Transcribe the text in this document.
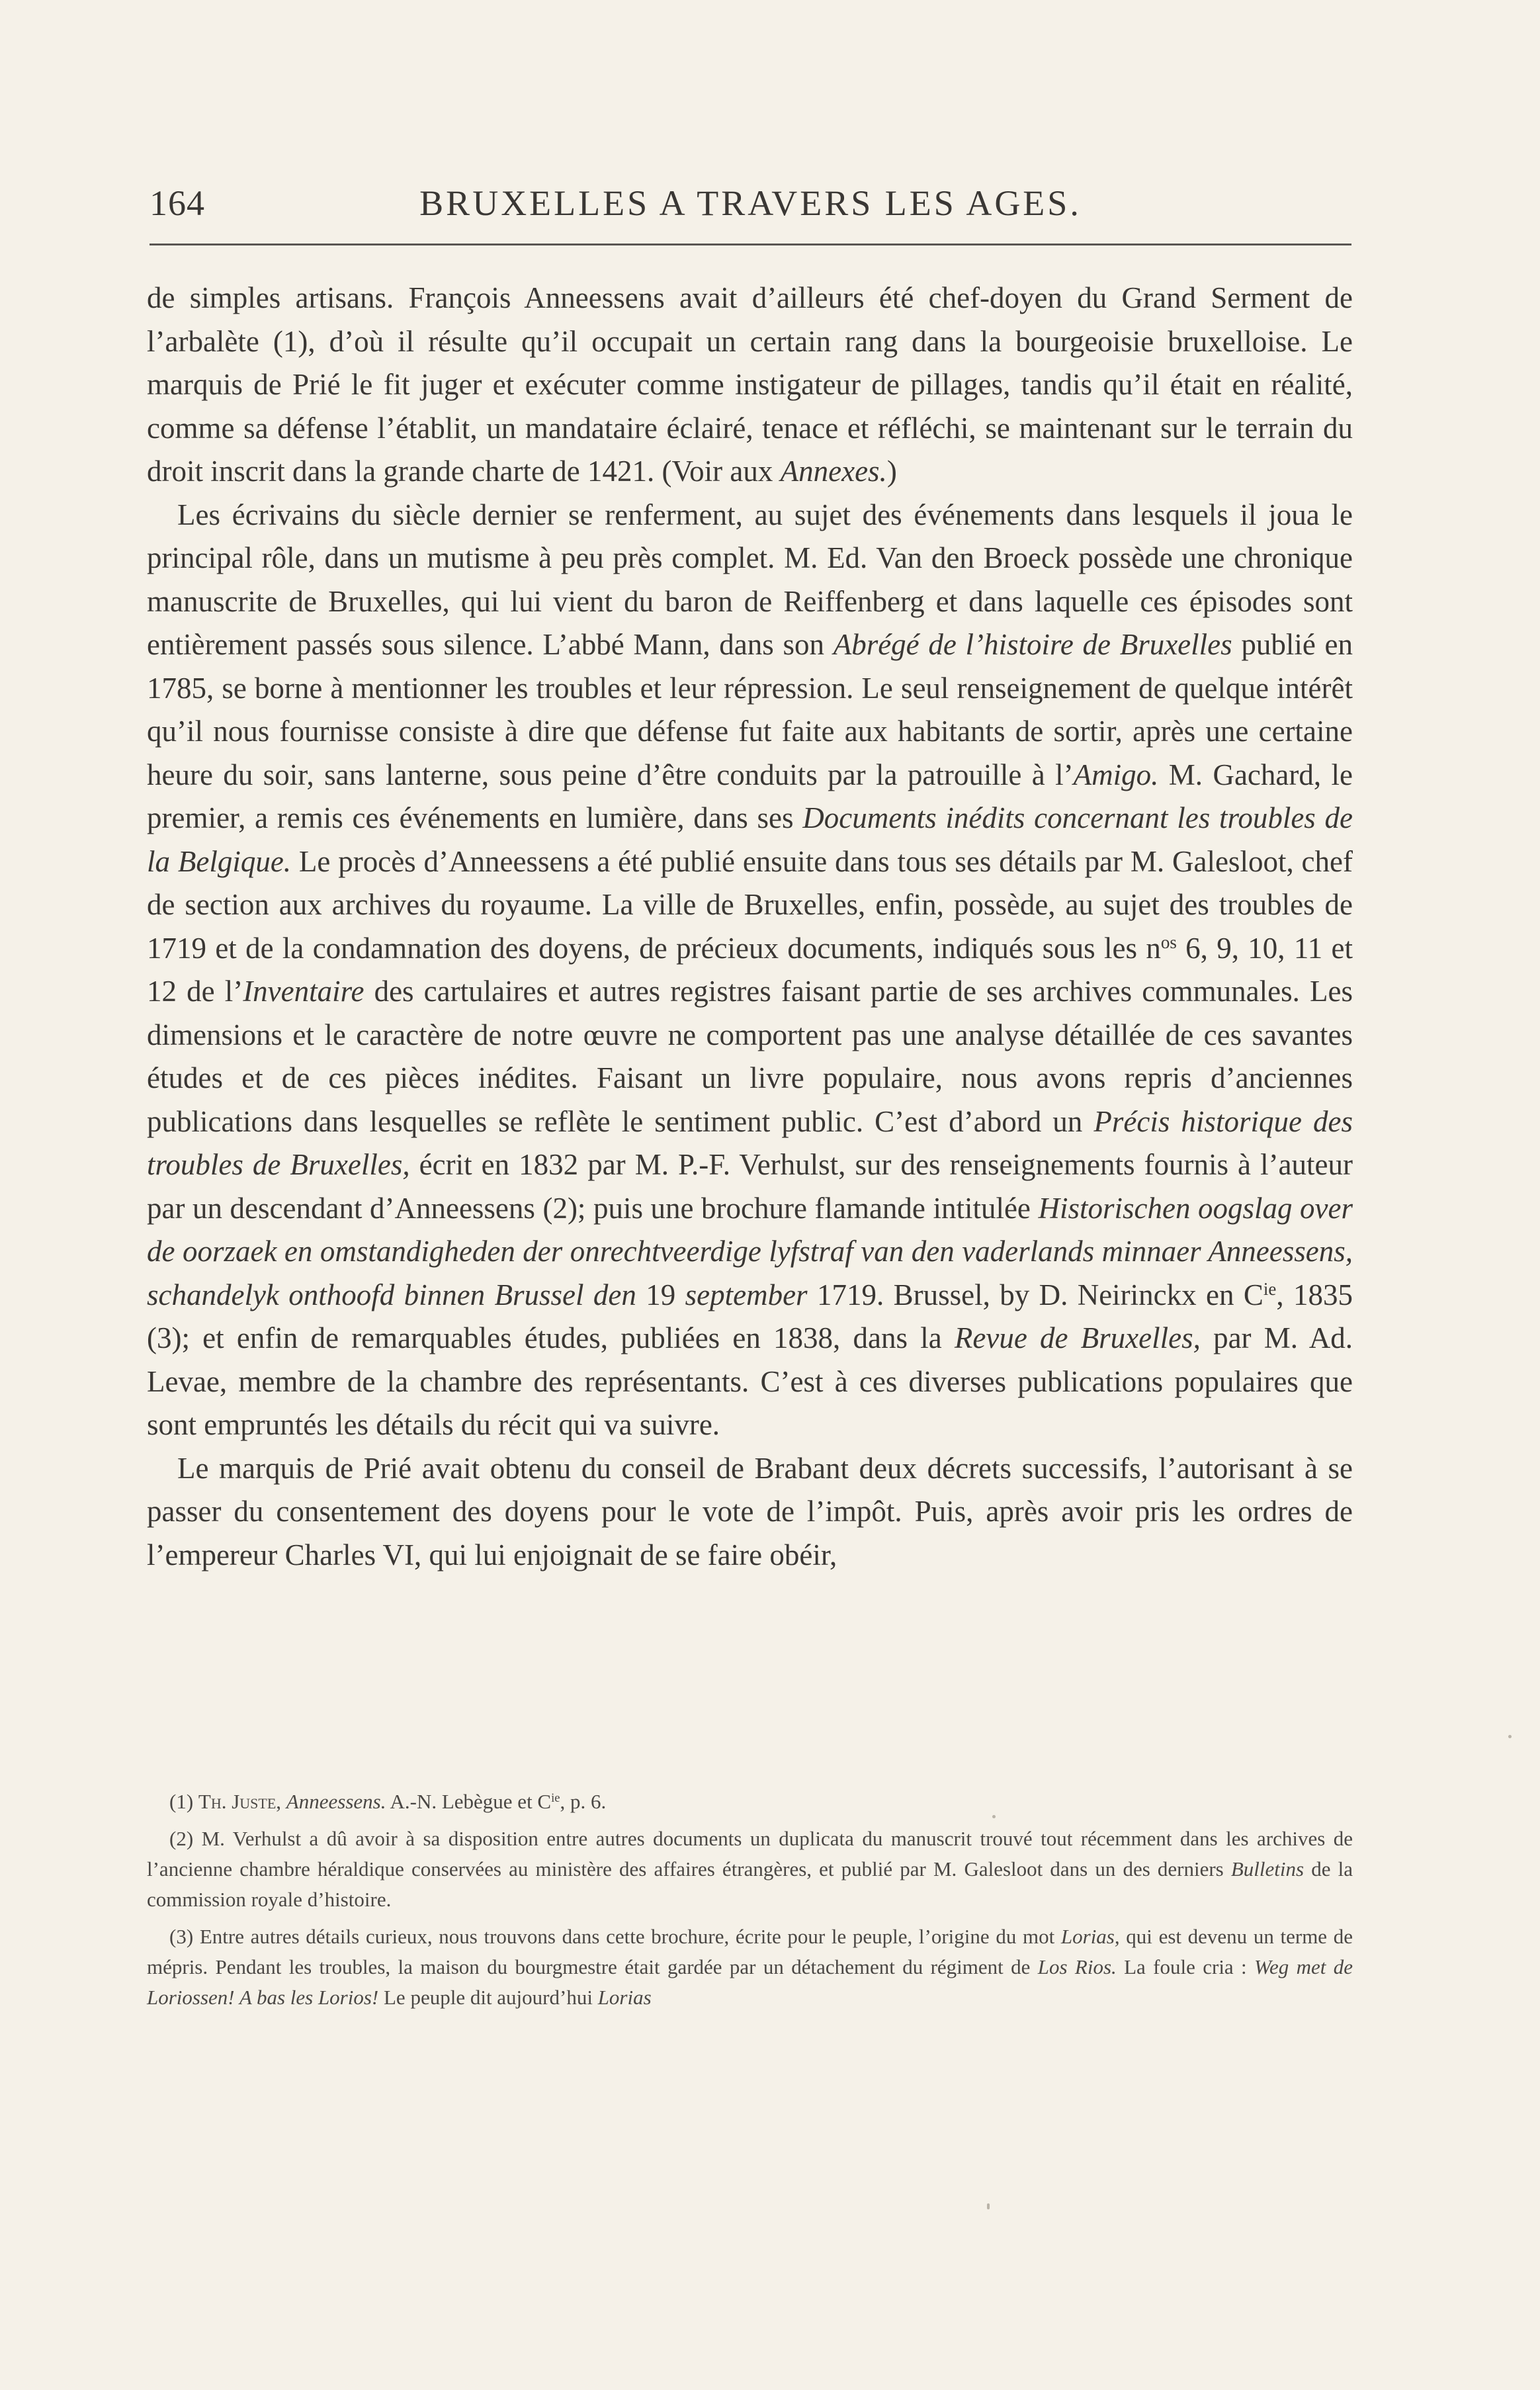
164	BRUXELLES A TRAVERS LES AGES.

de simples artisans. François Anneessens avait d’ailleurs été chef-doyen du Grand Serment de l’arbalète (1), d’où il résulte qu’il occupait un certain rang dans la bourgeoisie bruxelloise. Le marquis de Prié le fit juger et exécuter comme instigateur de pillages, tandis qu’il était en réalité, comme sa défense l’établit, un mandataire éclairé, tenace et réfléchi, se maintenant sur le terrain du droit inscrit dans la grande charte de 1421. (Voir aux Annexes.)

Les écrivains du siècle dernier se renferment, au sujet des événements dans lesquels il joua le principal rôle, dans un mutisme à peu près complet. M. Ed. Van den Broeck possède une chronique manuscrite de Bruxelles, qui lui vient du baron de Reiffenberg et dans laquelle ces épisodes sont entièrement passés sous silence. L’abbé Mann, dans son Abrégé de l’histoire de Bruxelles publié en 1785, se borne à mentionner les troubles et leur répression. Le seul renseignement de quelque intérêt qu’il nous fournisse consiste à dire que défense fut faite aux habitants de sortir, après une certaine heure du soir, sans lanterne, sous peine d’être conduits par la patrouille à l’Amigo. M. Gachard, le premier, a remis ces événements en lumière, dans ses Documents inédits concernant les troubles de la Belgique. Le procès d’Anneessens a été publié ensuite dans tous ses détails par M. Galesloot, chef de section aux archives du royaume. La ville de Bruxelles, enfin, possède, au sujet des troubles de 1719 et de la condamnation des doyens, de précieux documents, indiqués sous les $n^{os}$ 6, 9, 10, 11 et 12 de l’Inventaire des cartulaires et autres registres faisant partie de ses archives communales. Les dimensions et le caractère de notre œuvre ne comportent pas une analyse détaillée de ces savantes études et de ces pièces inédites. Faisant un livre populaire, nous avons repris d’anciennes publications dans lesquelles se reflète le sentiment public. C’est d’abord un Précis historique des troubles de Bruxelles, écrit en 1832 par M. P.-F. Verhulst, sur des renseignements fournis à l’auteur par un descendant d’Anneessens (2); puis une brochure flamande intitulée Historischen oogslag over de oorzaek en omstandigheden der onrechtveerdige lyfstraf van den vaderlands minnaer Anneessens, schandelyk onthoofd binnen Brussel den 19 september 1719. Brussel, by D. Neirinckx en $C^{ie}$, 1835 (3); et enfin de remarquables études, publiées en 1838, dans la Revue de Bruxelles, par M. Ad. Levae, membre de la chambre des représentants. C’est à ces diverses publications populaires que sont empruntés les détails du récit qui va suivre.

Le marquis de Prié avait obtenu du conseil de Brabant deux décrets successifs, l’autorisant à se passer du consentement des doyens pour le vote de l’impôt. Puis, après avoir pris les ordres de l’empereur Charles VI, qui lui enjoignait de se faire obéir,

(1) Th. Juste, Anneessens. A.-N. Lebègue et $C^{ie}$, p. 6.

(2) M. Verhulst a dû avoir à sa disposition entre autres documents un duplicata du manuscrit trouvé tout récemment dans les archives de l’ancienne chambre héraldique conservées au ministère des affaires étrangères, et publié par M. Galesloot dans un des derniers Bulletins de la commission royale d’histoire.

(3) Entre autres détails curieux, nous trouvons dans cette brochure, écrite pour le peuple, l’origine du mot Lorias, qui est devenu un terme de mépris. Pendant les troubles, la maison du bourgmestre était gardée par un détachement du régiment de Los Rios. La foule cria : Weg met de Loriossen! A bas les Lorios! Le peuple dit aujourd’hui Lorias
